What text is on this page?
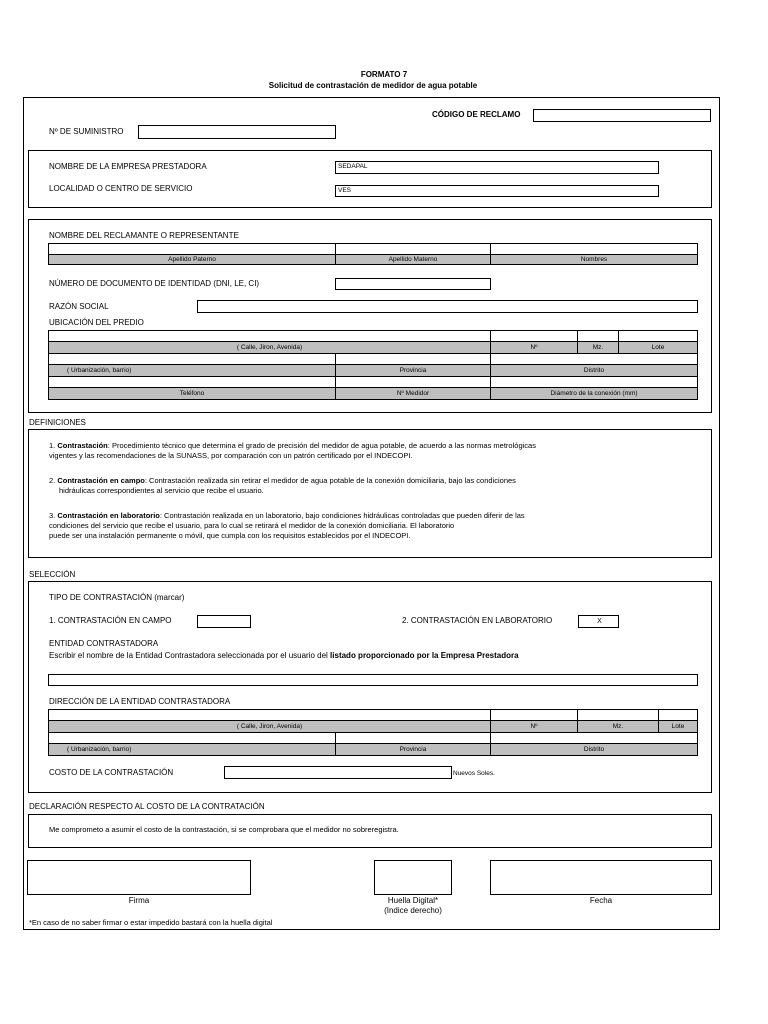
FORMATO 7
Solicitud de contrastación de medidor de agua potable
CÓDIGO DE RECLAMO
Nº DE SUMINISTRO
NOMBRE DE LA EMPRESA PRESTADORA	SEDAPAL
LOCALIDAD O CENTRO DE SERVICIO	VES
NOMBRE DEL RECLAMANTE O REPRESENTANTE
Apellido Paterno	Apellido Materno	Nombres
NÚMERO DE DOCUMENTO DE IDENTIDAD (DNI, LE, CI)
RAZÓN SOCIAL
UBICACIÓN DEL PREDIO
( Calle, Jiron, Avenida)	Nº	Mz.	Lote
( Urbanización, barrio)	Provincia	Distrito
Teléfono	Nº Medidor	Diámetro de la conexión (mm)
DEFINICIONES
1. Contrastación: Procedimiento técnico que determina el grado de precisión del medidor de agua potable, de acuerdo a las normas metrológicas
vigentes y las recomendaciones de la SUNASS, por comparación con un patrón certificado por el INDECOPI.
2. Contrastación en campo: Contrastación realizada sin retirar el medidor de agua potable de la conexión domiciliaria, bajo las condiciones
hidráulicas correspondientes al servicio que recibe el usuario.
3. Contrastación en laboratorio: Contrastación realizada en un laboratorio, bajo condiciones hidráulicas controladas que pueden diferir de las
condiciones del servicio que recibe el usuario, para lo cual se retirará el medidor de la conexión domiciliaria. El laboratorio
puede ser una instalación permanente o móvil, que cumpla con los requisitos establecidos por el INDECOPI.
SELECCIÓN
TIPO DE CONTRASTACIÓN (marcar)
1. CONTRASTACIÓN EN CAMPO	2. CONTRASTACIÓN EN LABORATORIO	X
ENTIDAD CONTRASTADORA
Escribir el nombre de la Entidad Contrastadora seleccionada por el usuario del listado proporcionado por la Empresa Prestadora
DIRECCIÓN DE LA ENTIDAD CONTRASTADORA
( Calle, Jiron, Avenida)	Nº	Mz.	Lote
( Urbanización, barrio)	Provincia	Distrito
COSTO DE LA CONTRASTACIÓN	Nuevos Soles.
DECLARACIÓN RESPECTO AL COSTO DE LA CONTRATACIÓN
Me comprometo a asumir el costo de la contrastación, si se comprobara que el medidor no sobreregistra.
Firma	Huella Digital*
(Indice derecho)
Fecha
*En caso de no saber firmar o estar impedido bastará con la huella digital
